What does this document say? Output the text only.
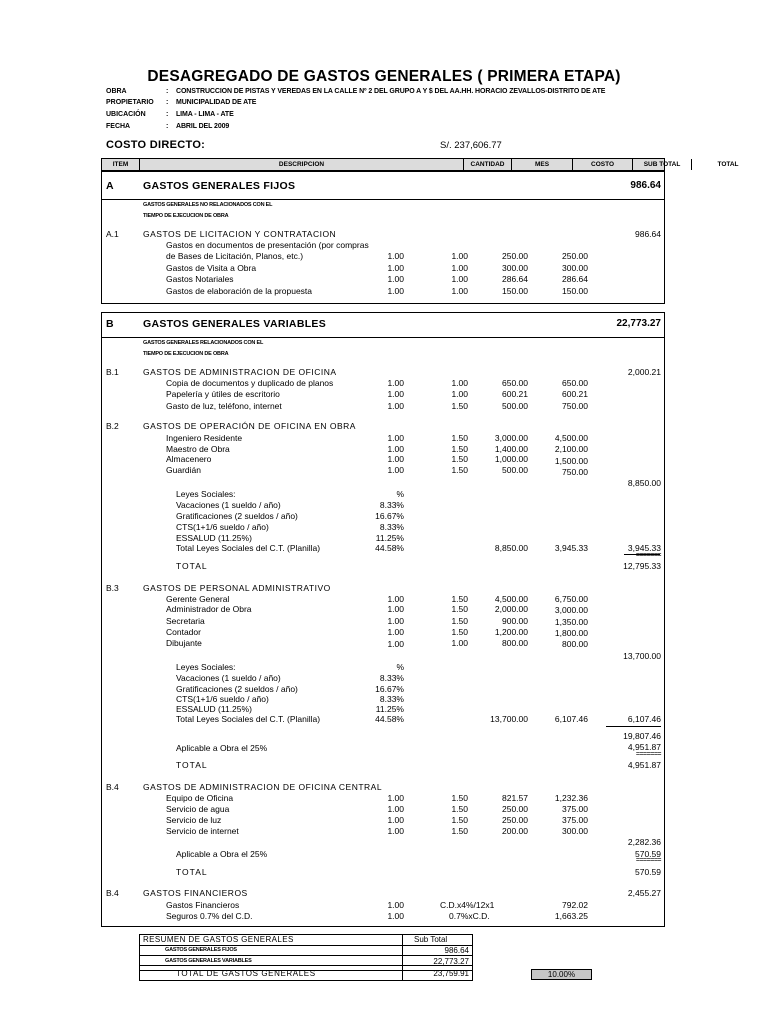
DESAGREGADO DE GASTOS GENERALES ( PRIMERA ETAPA)
OBRA	: CONSTRUCCION DE PISTAS Y VEREDAS EN LA CALLE Nº 2 DEL GRUPO A Y $ DEL AA.HH. HORACIO ZEVALLOS-DISTRITO DE ATE
PROPIETARIO : MUNICIPALIDAD DE ATE
UBICACIÓN	: LIMA - LIMA - ATE
FECHA	: ABRIL DEL 2009
COSTO DIRECTO:	S/. 237,606.77
ITEM	DESCRIPCION	CANTIDAD	MES	COSTO	SUB TOTAL	TOTAL
A	GASTOS GENERALES FIJOS	986.64
GASTOS GENERALES NO RELACIONADOS CON EL
TIEMPO DE EJECUCION DE OBRA
A.1	GASTOS DE LICITACION Y CONTRATACION	986.64
Gastos en documentos de presentación (por compras
de Bases de Licitación, Planos, etc.)	1.00	1.00	250.00	250.00
Gastos de Visita a Obra	1.00	1.00	300.00	300.00
Gastos Notariales	1.00	1.00	286.64	286.64
Gastos de elaboración de la propuesta	1.00	1.00	150.00	150.00
B	GASTOS GENERALES VARIABLES	22,773.27
GASTOS GENERALES RELACIONADOS CON EL
TIEMPO DE EJECUCION DE OBRA
B.1	GASTOS DE ADMINISTRACION DE OFICINA	2,000.21
Copia de documentos y duplicado de planos	1.00	1.00	650.00	650.00
Papelería y útiles de escritorio	1.00	1.00	600.21	600.21
Gasto de luz, teléfono, internet	1.00	1.50	500.00	750.00
B.2	GASTOS DE OPERACIÓN DE OFICINA EN OBRA
Ingeniero Residente	1.00	1.50	3,000.00	4,500.00
Maestro de Obra	1.00	1.50	1,400.00	2,100.00
Almacenero	1.00	1.50	1,000.00	1,500.00
Guardián	1.00	1.50	500.00	750.00
8,850.00
Leyes Sociales:	%
Vacaciones (1 sueldo / año)	8.33%
Gratificaciones (2 sueldos / año)	16.67%
CTS(1+1/6 sueldo / año)	8.33%
ESSALUD (11.25%)	11.25%
Total Leyes Sociales del C.T. (Planilla)	44.58%	8,850.00	3,945.33	3,945.33
=======
TOTAL	12,795.33
B.3	GASTOS DE PERSONAL ADMINISTRATIVO
Gerente General	1.00	1.50	4,500.00	6,750.00
Administrador de Obra	1.00	1.50	2,000.00	3,000.00
Secretaria	1.00	1.50	900.00	1,350.00
Contador	1.00	1.50	1,200.00	1,800.00
Dibujante	1.00	1.00	800.00	800.00
13,700.00
Leyes Sociales:	%
Vacaciones (1 sueldo / año)	8.33%
Gratificaciones (2 sueldos / año)	16.67%
CTS(1+1/6 sueldo / año)	8.33%
ESSALUD (11.25%)	11.25%
Total Leyes Sociales del C.T. (Planilla)	44.58%	13,700.00	6,107.46	6,107.46
19,807.46
Aplicable a Obra el 25%	4,951.87
=======
TOTAL	4,951.87
B.4	GASTOS DE ADMINISTRACION DE OFICINA CENTRAL
Equipo de Oficina	1.00	1.50	821.57	1,232.36
Servicio de agua	1.00	1.50	250.00	375.00
Servicio de luz	1.00	1.50	250.00	375.00
Servicio de internet	1.00	1.50	200.00	300.00
2,282.36
Aplicable a Obra el 25%	570.59
=======
TOTAL	570.59
B.4	GASTOS FINANCIEROS	2,455.27
Gastos Financieros	1.00	C.D.x4%/12x1	792.02
Seguros 0.7% del C.D.	1.00	0.7%xC.D.	1,663.25
RESUMEN DE GASTOS GENERALES	Sub Total
GASTOS GENERALES FIJOS	986.64
GASTOS GENERALES VARIABLES	22,773.27
TOTAL DE GASTOS GENERALES	23,759.91	10.00%
